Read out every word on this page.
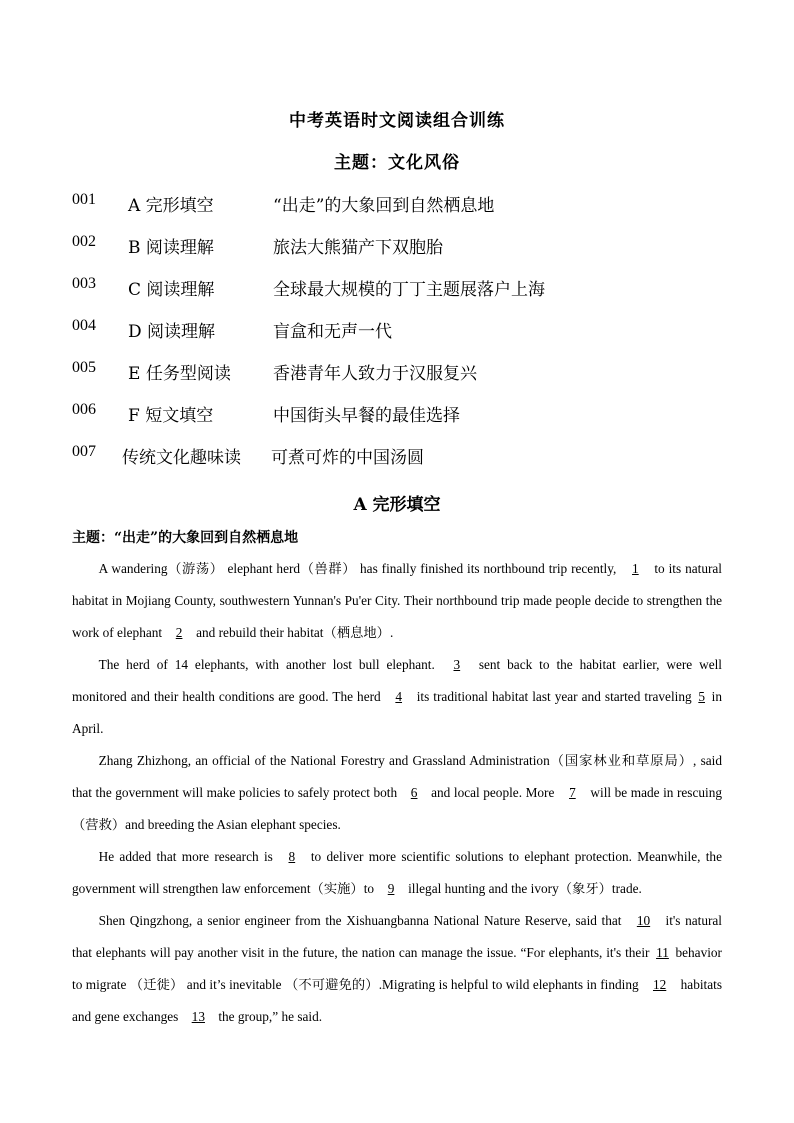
中考英语时文阅读组合训练
主题：文化风俗
001	A 完形填空	“出走”的大象回到自然栖息地
002	B 阅读理解	旅法大熊猫产下双胞胎
003	C 阅读理解	全球最大规模的丁丁主题展落户上海
004	D 阅读理解	盲盒和无声一代
005	E 任务型阅读	香港青年人致力于汉服复兴
006	F 短文填空	中国街头早餐的最佳选择
007	传统文化趣味读	可煮可炸的中国汤圆
A 完形填空
主题：“出走”的大象回到自然栖息地

A wandering（游荡） elephant herd（兽群） has finally finished its northbound trip recently, 1 to its natural habitat in Mojiang County, southwestern Yunnan's Pu'er City. Their northbound trip made people decide to strengthen the work of elephant 2 and rebuild their habitat（栖息地）.

The herd of 14 elephants, with another lost bull elephant. 3 sent back to the habitat earlier, were well monitored and their health conditions are good. The herd 4 its traditional habitat last year and started traveling 5 in April.

Zhang Zhizhong, an official of the National Forestry and Grassland Administration（国家林业和草原局）, said that the government will make policies to safely protect both 6 and local people. More 7 will be made in rescuing（营救）and breeding the Asian elephant species.

He added that more research is 8 to deliver more scientific solutions to elephant protection. Meanwhile, the government will strengthen law enforcement（实施）to 9 illegal hunting and the ivory（象牙）trade.

Shen Qingzhong, a senior engineer from the Xishuangbanna National Nature Reserve, said that 10 it's natural that elephants will pay another visit in the future, the nation can manage the issue. “For elephants, it's their 11 behavior to migrate （迁徙） and it’s inevitable （不可避免的）.Migrating is helpful to wild elephants in finding 12 habitats and gene exchanges 13 the group,” he said.
